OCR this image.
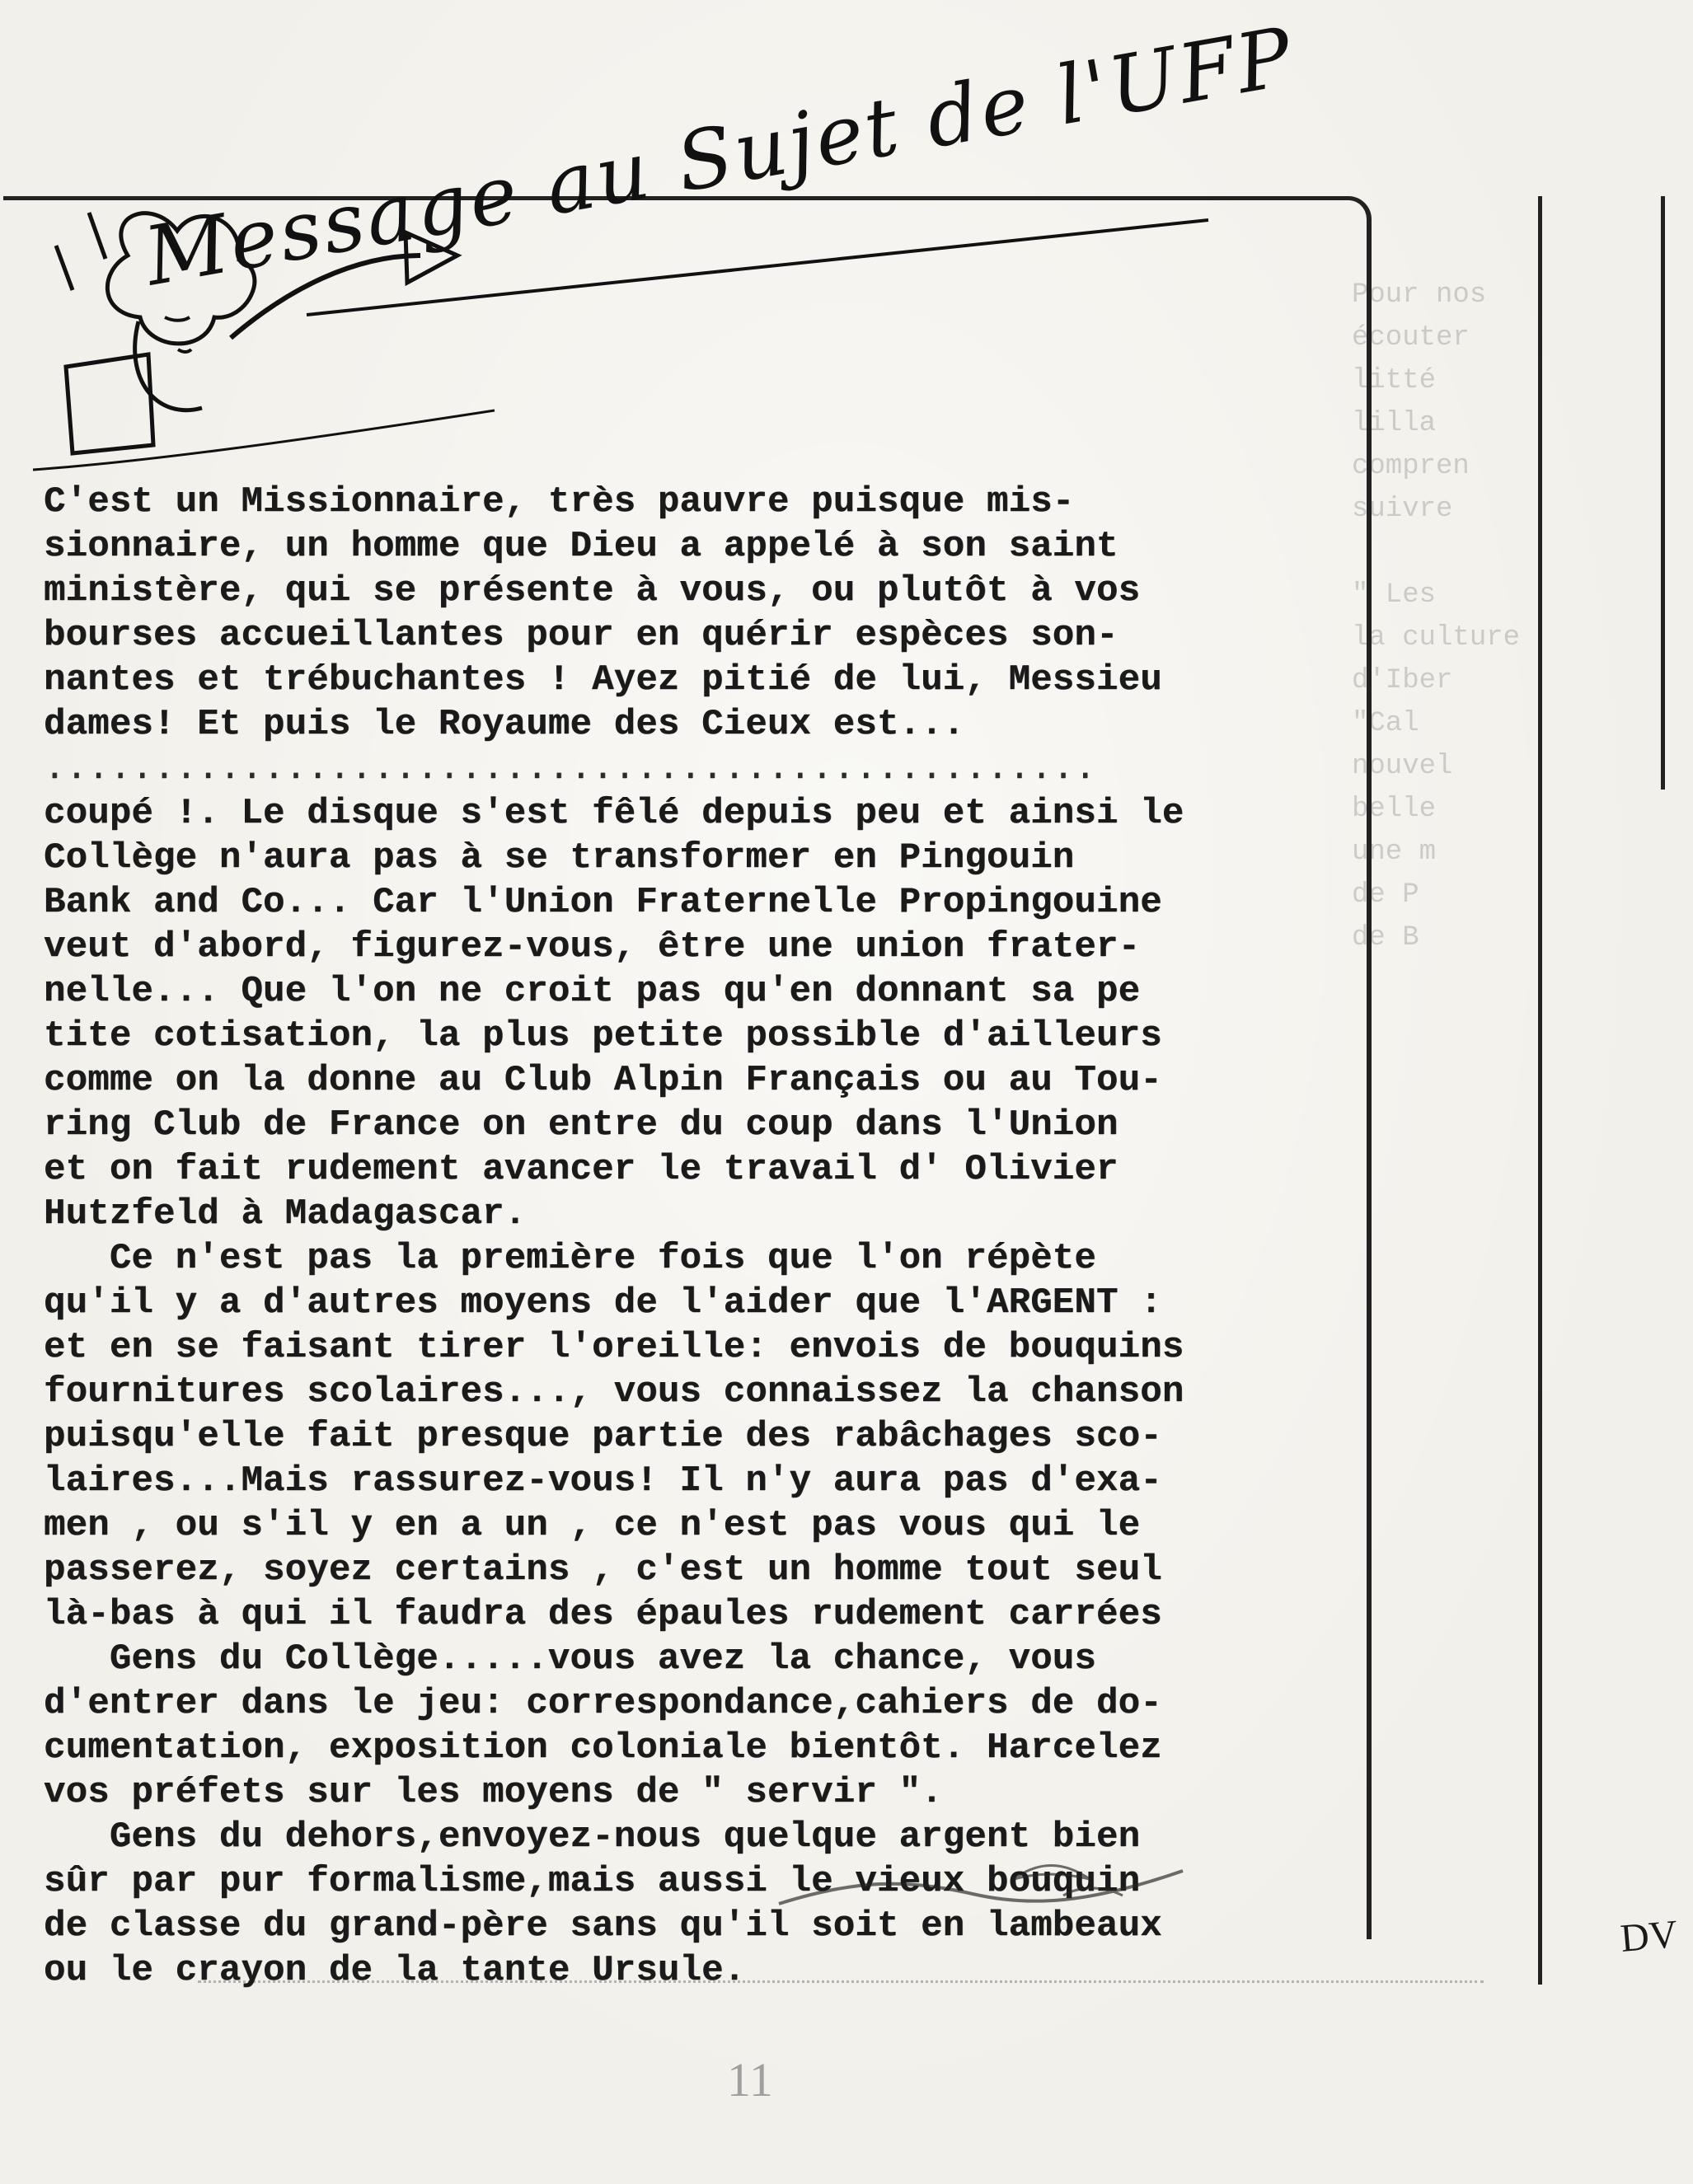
Pour nos
écouter
litté
lilla
compren
suivre

" Les
la culture
d'Iber
"Cal
nouvel
belle
une m
de P
de B

Message au Sujet de l'UFP
C'est un Missionnaire, très pauvre puisque mis-
sionnaire, un homme que Dieu a appelé à son saint
ministère, qui se présente à vous, ou plutôt à vos
bourses accueillantes pour en quérir espèces son-
nantes et trébuchantes ! Ayez pitié de lui, Messieu
dames! Et puis le Royaume des Cieux est...
................................................
coupé !. Le disque s'est fêlé depuis peu et ainsi le
Collège n'aura pas à se transformer en Pingouin
Bank and Co... Car l'Union Fraternelle Propingouine
veut d'abord, figurez-vous, être une union frater-
nelle... Que l'on ne croit pas qu'en donnant sa pe
tite cotisation, la plus petite possible d'ailleurs
comme on la donne au Club Alpin Français ou au Tou-
ring Club de France on entre du coup dans l'Union
et on fait rudement avancer le travail d' Olivier
Hutzfeld à Madagascar.
Ce n'est pas la première fois que l'on répète
qu'il y a d'autres moyens de l'aider que l'ARGENT :
et en se faisant tirer l'oreille: envois de bouquins
fournitures scolaires..., vous connaissez la chanson
puisqu'elle fait presque partie des rabâchages sco-
laires...Mais rassurez-vous! Il n'y aura pas d'exa-
men , ou s'il y en a un , ce n'est pas vous qui le
passerez, soyez certains , c'est un homme tout seul
là-bas à qui il faudra des épaules rudement carrées
Gens du Collège.....vous avez la chance, vous
d'entrer dans le jeu: correspondance,cahiers de do-
cumentation, exposition coloniale bientôt. Harcelez
vos préfets sur les moyens de " servir ".
Gens du dehors,envoyez-nous quelque argent bien
sûr par pur formalisme,mais aussi le vieux bouquin
de classe du grand-père sans qu'il soit en lambeaux
ou le crayon de la tante Ursule.
11
DV
